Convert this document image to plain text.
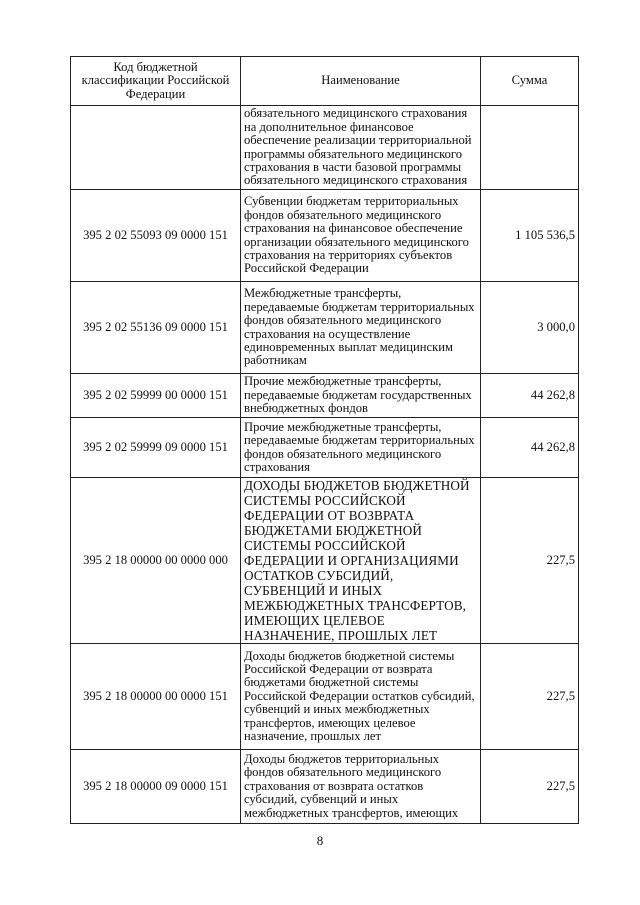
Код бюджетной классификации Российской Федерации	Наименование	Сумма
	обязательного медицинского страхования на дополнительное финансовое обеспечение реализации территориальной программы обязательного медицинского страхования в части базовой программы обязательного медицинского страхования	
395 2 02 55093 09 0000 151	Субвенции бюджетам территориальных фондов обязательного медицинского страхования на финансовое обеспечение организации обязательного медицинского страхования на территориях субъектов Российской Федерации	1 105 536,5
395 2 02 55136 09 0000 151	Межбюджетные трансферты, передаваемые бюджетам территориальных фондов обязательного медицинского страхования на осуществление единовременных выплат медицинским работникам	3 000,0
395 2 02 59999 00 0000 151	Прочие межбюджетные трансферты, передаваемые бюджетам государственных внебюджетных фондов	44 262,8
395 2 02 59999 09 0000 151	Прочие межбюджетные трансферты, передаваемые бюджетам территориальных фондов обязательного медицинского страхования	44 262,8
395 2 18 00000 00 0000 000	ДОХОДЫ БЮДЖЕТОВ БЮДЖЕТНОЙ СИСТЕМЫ РОССИЙСКОЙ ФЕДЕРАЦИИ ОТ ВОЗВРАТА БЮДЖЕТАМИ БЮДЖЕТНОЙ СИСТЕМЫ РОССИЙСКОЙ ФЕДЕРАЦИИ И ОРГАНИЗАЦИЯМИ ОСТАТКОВ СУБСИДИЙ, СУБВЕНЦИЙ И ИНЫХ МЕЖБЮДЖЕТНЫХ ТРАНСФЕРТОВ, ИМЕЮЩИХ ЦЕЛЕВОЕ НАЗНАЧЕНИЕ, ПРОШЛЫХ ЛЕТ	227,5
395 2 18 00000 00 0000 151	Доходы бюджетов бюджетной системы Российской Федерации от возврата бюджетами бюджетной системы Российской Федерации остатков субсидий, субвенций и иных межбюджетных трансфертов, имеющих целевое назначение, прошлых лет	227,5
395 2 18 00000 09 0000 151	Доходы бюджетов территориальных фондов обязательного медицинского страхования от возврата остатков субсидий, субвенций и иных межбюджетных трансфертов, имеющих	227,5
8
